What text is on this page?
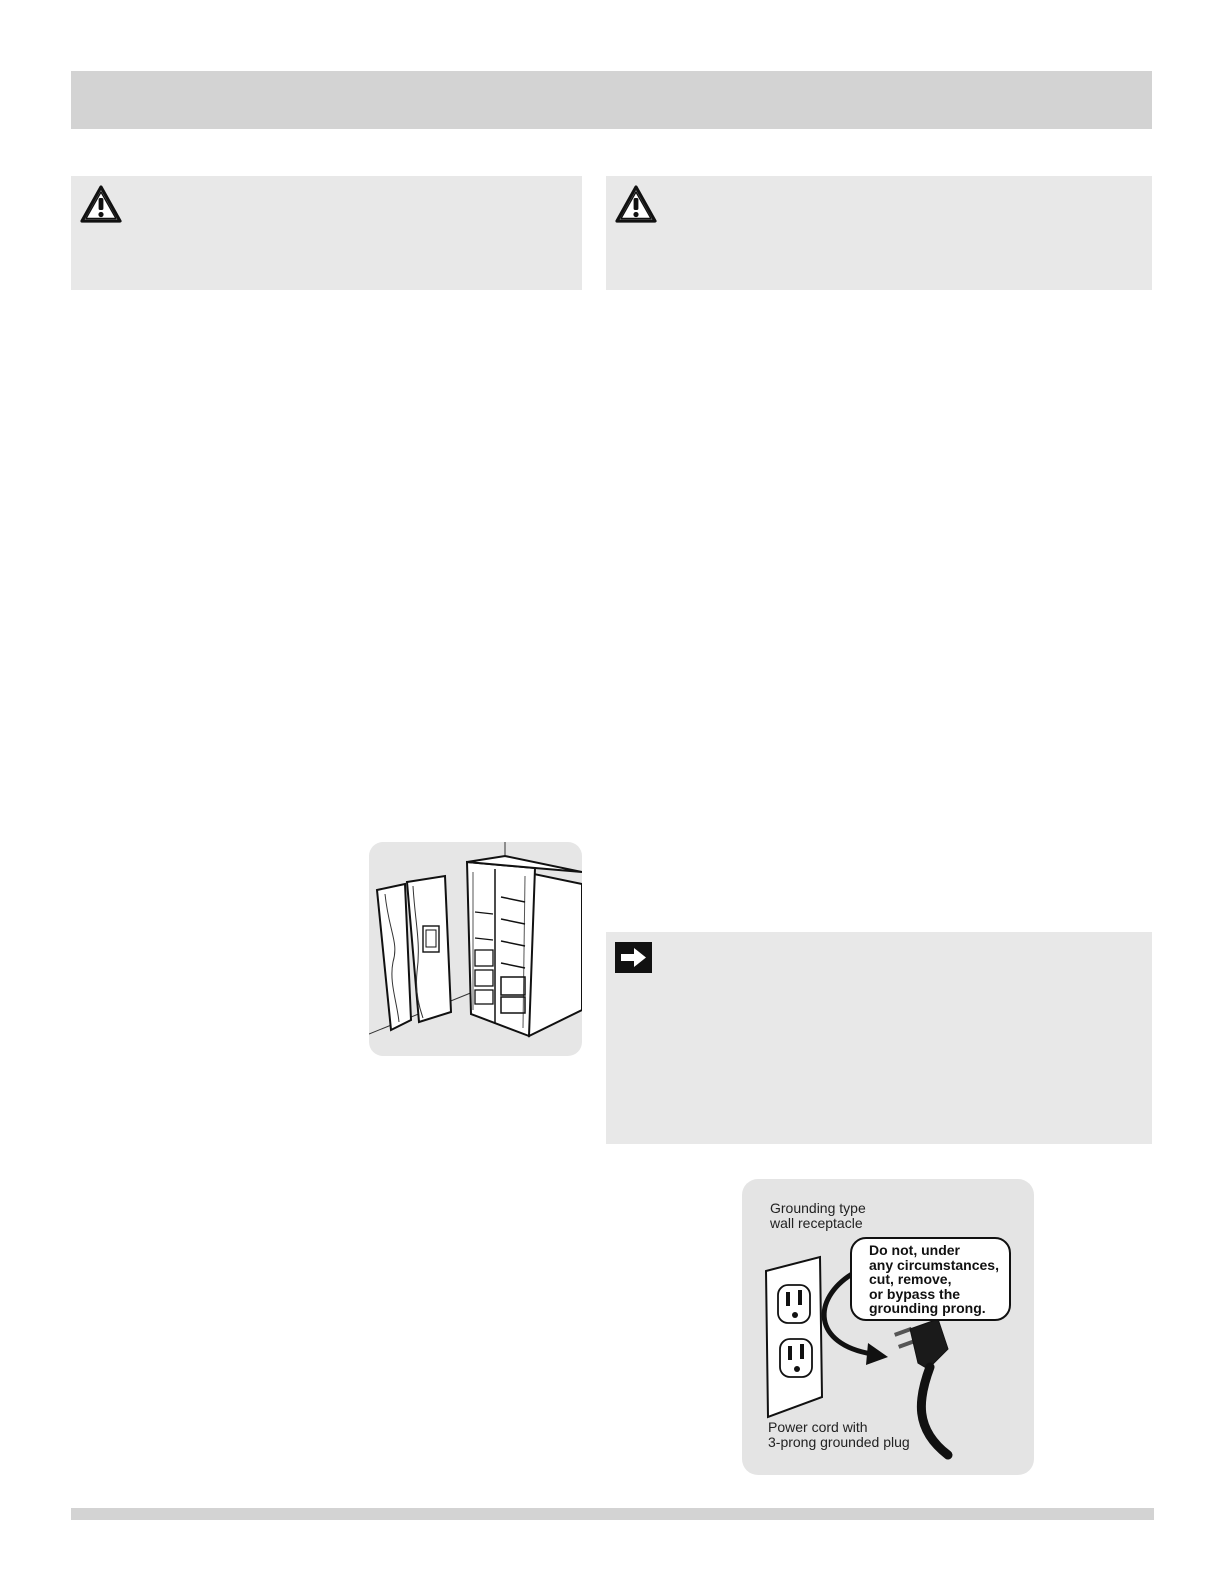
Grounding type
wall receptacle
Do not, under
any circumstances,
cut, remove,
or bypass the
grounding prong.
Power cord with
3-prong grounded plug
